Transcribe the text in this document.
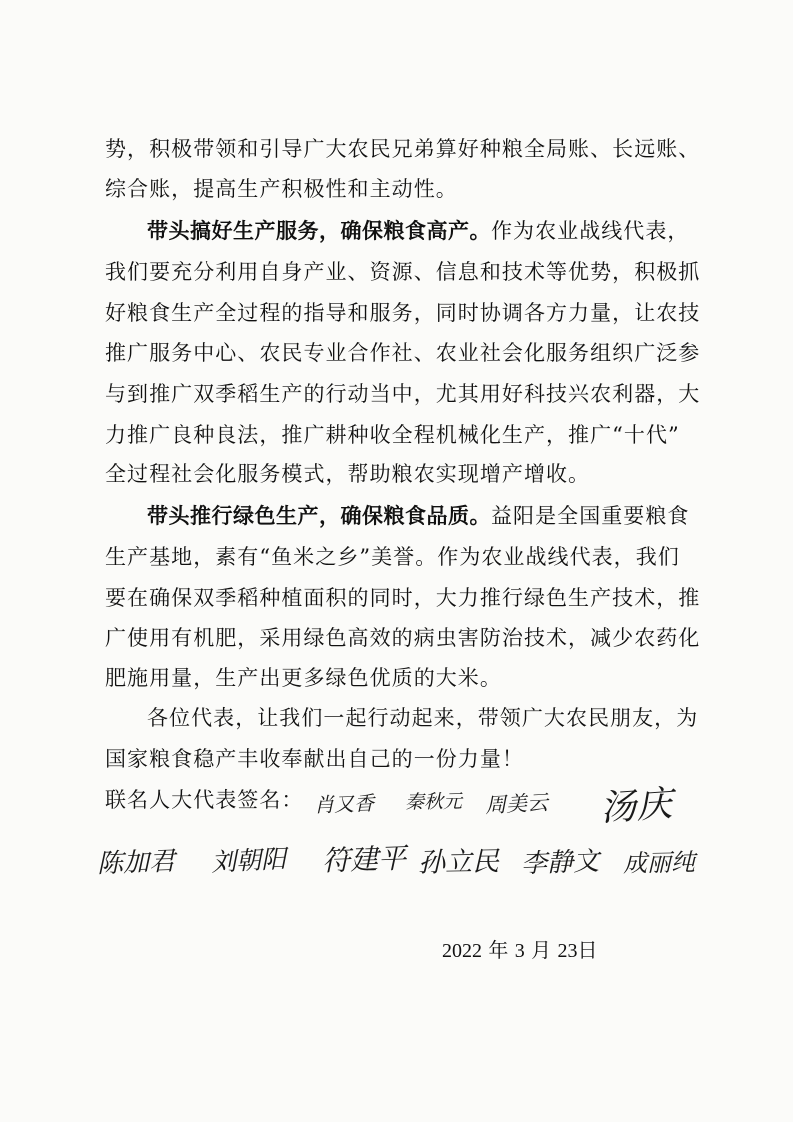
势，积极带领和引导广大农民兄弟算好种粮全局账、长远账、
综合账，提高生产积极性和主动性。
带头搞好生产服务，确保粮食高产。作为农业战线代表，
我们要充分利用自身产业、资源、信息和技术等优势，积极抓
好粮食生产全过程的指导和服务，同时协调各方力量，让农技
推广服务中心、农民专业合作社、农业社会化服务组织广泛参
与到推广双季稻生产的行动当中，尤其用好科技兴农利器，大
力推广良种良法，推广耕种收全程机械化生产，推广“十代”
全过程社会化服务模式，帮助粮农实现增产增收。
带头推行绿色生产，确保粮食品质。益阳是全国重要粮食
生产基地，素有“鱼米之乡”美誉。作为农业战线代表，我们
要在确保双季稻种植面积的同时，大力推行绿色生产技术，推
广使用有机肥，采用绿色高效的病虫害防治技术，减少农药化
肥施用量，生产出更多绿色优质的大米。
各位代表，让我们一起行动起来，带领广大农民朋友，为
国家粮食稳产丰收奉献出自己的一份力量！
联名人大代表签名： 肖又香 秦秋元 周美云 汤庆
陈加君 刘朝阳 符建平 孙立民 李静文 成丽纯
2022 年 3 月 23日
